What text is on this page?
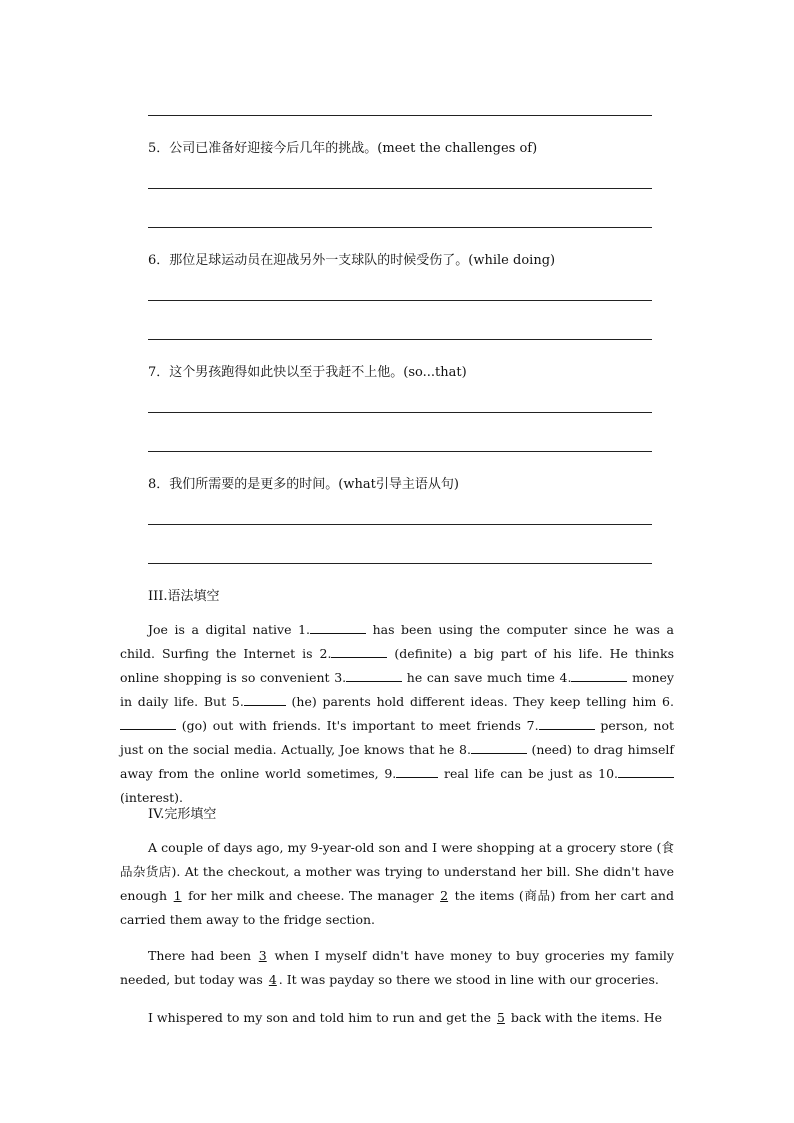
5．公司已准备好迎接今后几年的挑战。(meet the challenges of)
6．那位足球运动员在迎战另外一支球队的时候受伤了。(while doing)
7．这个男孩跑得如此快以至于我赶不上他。(so...that)
8．我们所需要的是更多的时间。(what引导主语从句)
III.语法填空

Joe is a digital native 1.	has been using the computer since he was a child. Surfing the Internet is 2.	(definite) a big part of his life. He thinks online shopping is so convenient 3.	he can save much time 4.	money in daily life. But 5.	(he) parents hold different ideas. They keep telling him 6. (go) out with friends. It's important to meet friends 7.	person, not just on the social media. Actually, Joe knows that he 8.	(need) to drag himself away from the online world sometimes, 9.	real life can be just as 10. (interest).

IV.完形填空

A couple of days ago, my 9-year-old son and I were shopping at a grocery store (食品杂货店). At the checkout, a mother was trying to understand her bill. She didn't have enough 1 for her milk and cheese. The manager 2 the items (商品) from her cart and carried them away to the fridge section.

There had been 3 when I myself didn't have money to buy groceries my family needed, but today was 4 . It was payday so there we stood in line with our groceries.

I whispered to my son and told him to run and get the 5 back with the items. He
